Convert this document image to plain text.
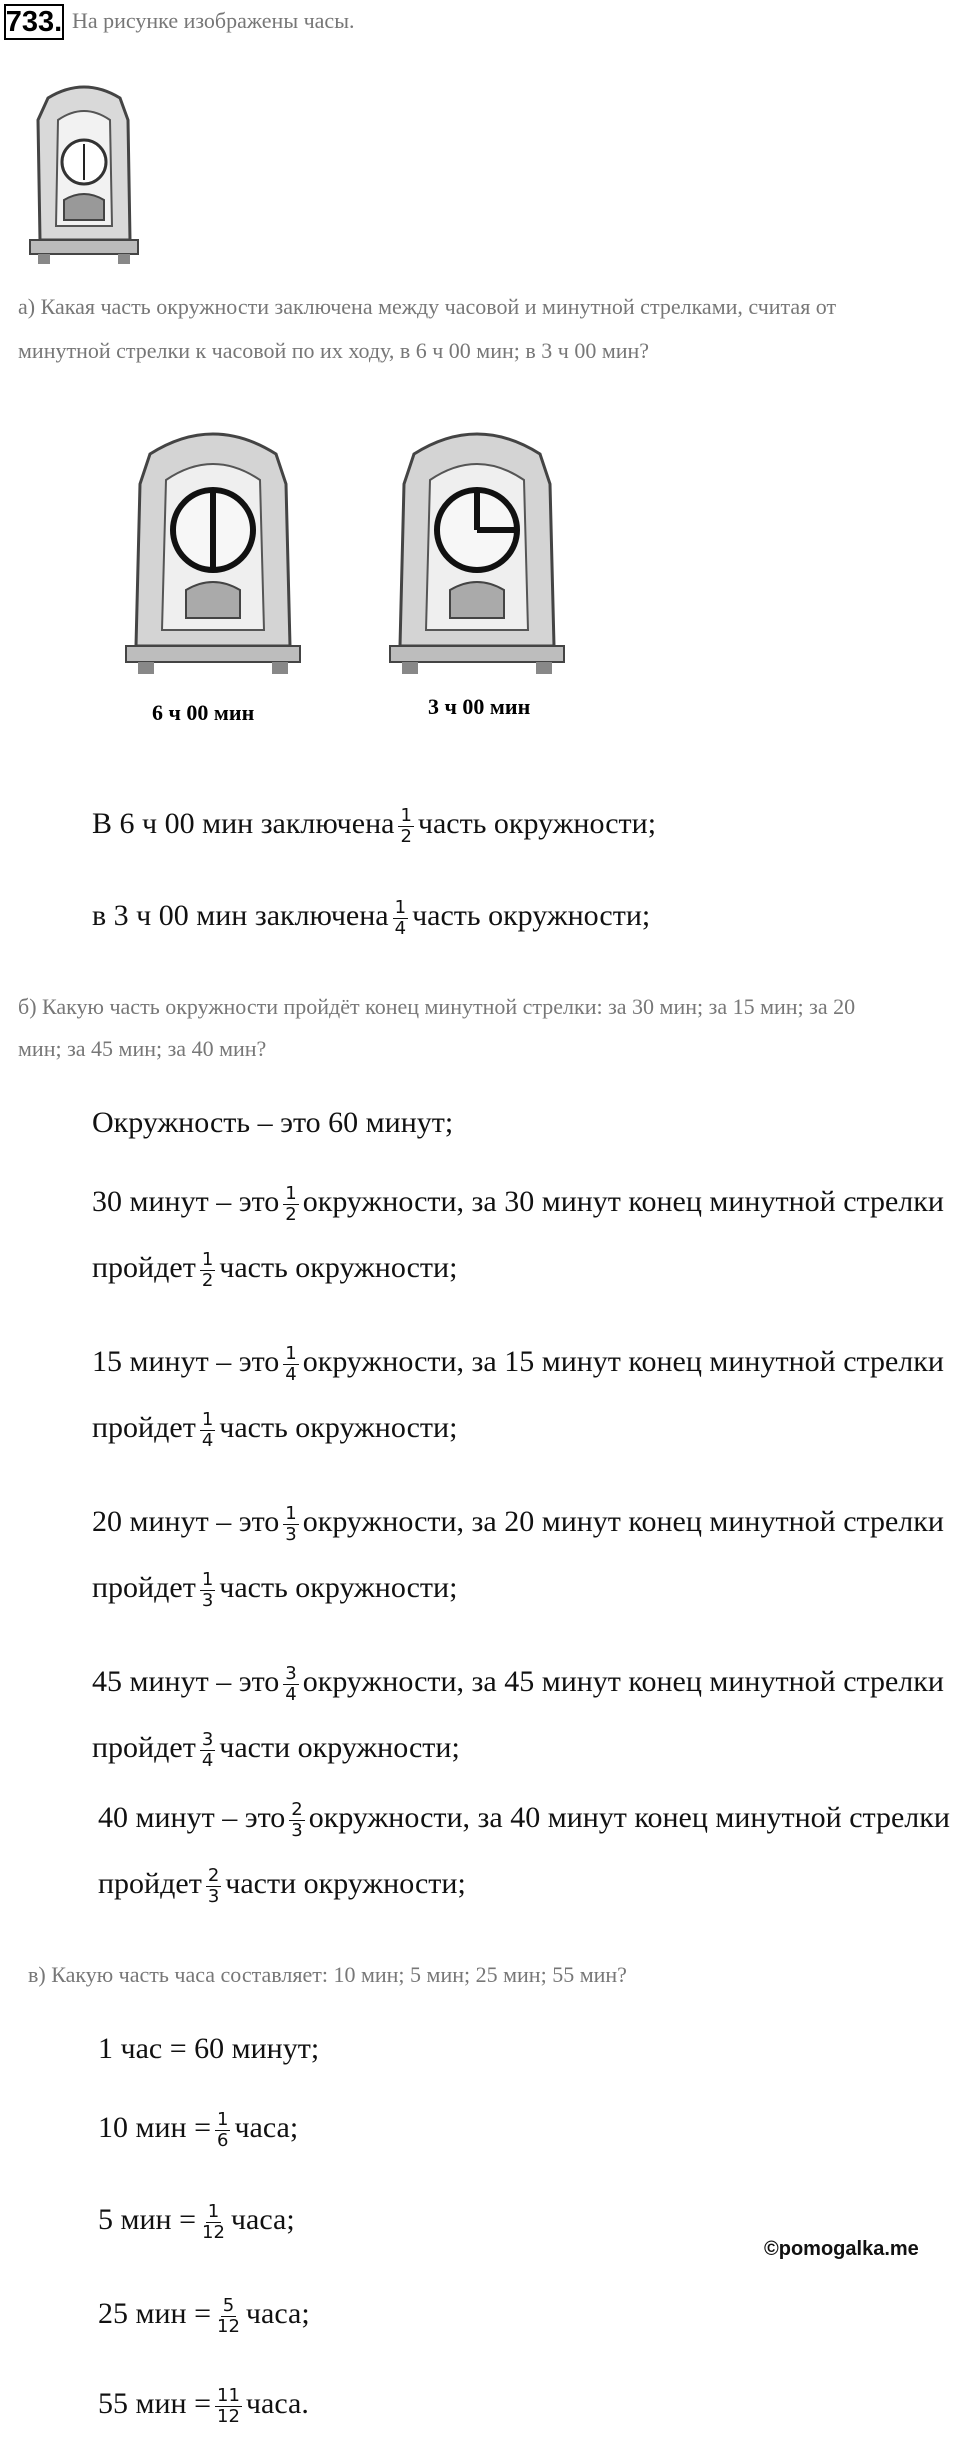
733. На рисунке изображены часы.
а) Какая часть окружности заключена между часовой и минутной стрелками, считая от
минутной стрелки к часовой по их ходу, в 6 ч 00 мин; в 3 ч 00 мин?
6 ч 00 мин	3 ч 00 мин
В 6 ч 00 мин заключена $\frac{1}{2}$ часть окружности;
в 3 ч 00 мин заключена $\frac{1}{4}$ часть окружности;
б) Какую часть окружности пройдёт конец минутной стрелки: за 30 мин; за 15 мин; за 20
мин; за 45 мин; за 40 мин?
Окружность – это 60 минут;
30 минут – это $\frac{1}{2}$ окружности, за 30 минут конец минутной стрелки
пройдет $\frac{1}{2}$ часть окружности;
15 минут – это $\frac{1}{4}$ окружности, за 15 минут конец минутной стрелки
пройдет $\frac{1}{4}$ часть окружности;
20 минут – это $\frac{1}{3}$ окружности, за 20 минут конец минутной стрелки
пройдет $\frac{1}{3}$ часть окружности;
45 минут – это $\frac{3}{4}$ окружности, за 45 минут конец минутной стрелки
пройдет $\frac{3}{4}$ части окружности;
40 минут – это $\frac{2}{3}$ окружности, за 40 минут конец минутной стрелки
пройдет $\frac{2}{3}$ части окружности;
в) Какую часть часа составляет: 10 мин; 5 мин; 25 мин; 55 мин?
1 час = 60 минут;
10 мин = $\frac{1}{6}$ часа;
5 мин = $\frac{1}{12}$ часа;
25 мин = $\frac{5}{12}$ часа;
55 мин = $\frac{11}{12}$ часа.
©pomogalka.me
